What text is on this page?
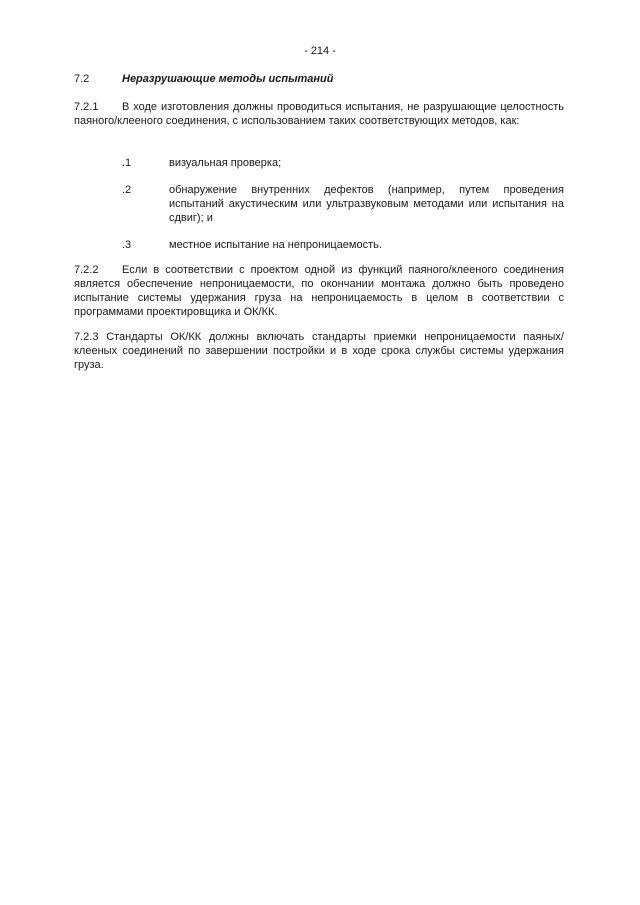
- 214 -
7.2	Неразрушающие методы испытаний
7.2.1 В ходе изготовления должны проводиться испытания, не разрушающие целостность паяного/клееного соединения, с использованием таких соответствующих методов, как:
.1	визуальная проверка;
.2	обнаружение внутренних дефектов (например, путем проведения испытаний акустическим или ультразвуковым методами или испытания на сдвиг); и
.3	местное испытание на непроницаемость.
7.2.2 Если в соответствии с проектом одной из функций паяного/клееного соединения является обеспечение непроницаемости, по окончании монтажа должно быть проведено испытание системы удержания груза на непроницаемость в целом в соответствии с программами проектировщика и ОК/КК.
7.2.3 Стандарты ОК/КК должны включать стандарты приемки непроницаемости паяных/клееных соединений по завершении постройки и в ходе срока службы системы удержания груза.
